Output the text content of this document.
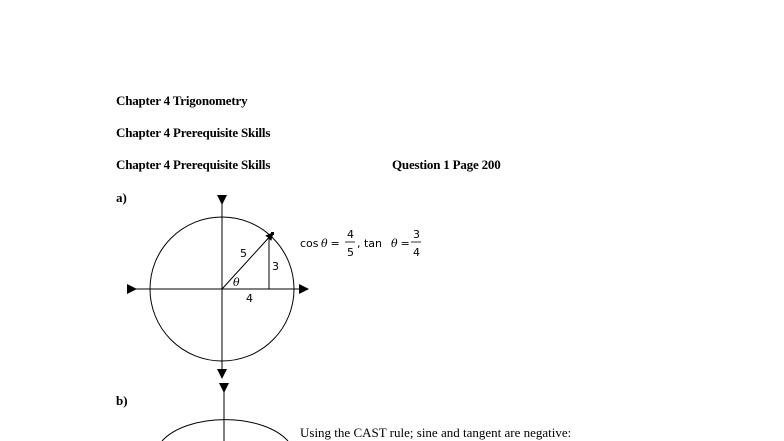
Chapter 4 Trigonometry
Chapter 4 Prerequisite Skills
Chapter 4 Prerequisite Skills	Question 1 Page 200
a)
b)
5
3
4
θ
cos θ =
4
5
, tan θ =
3
4
Using the CAST rule; sine and tangent are negative:
